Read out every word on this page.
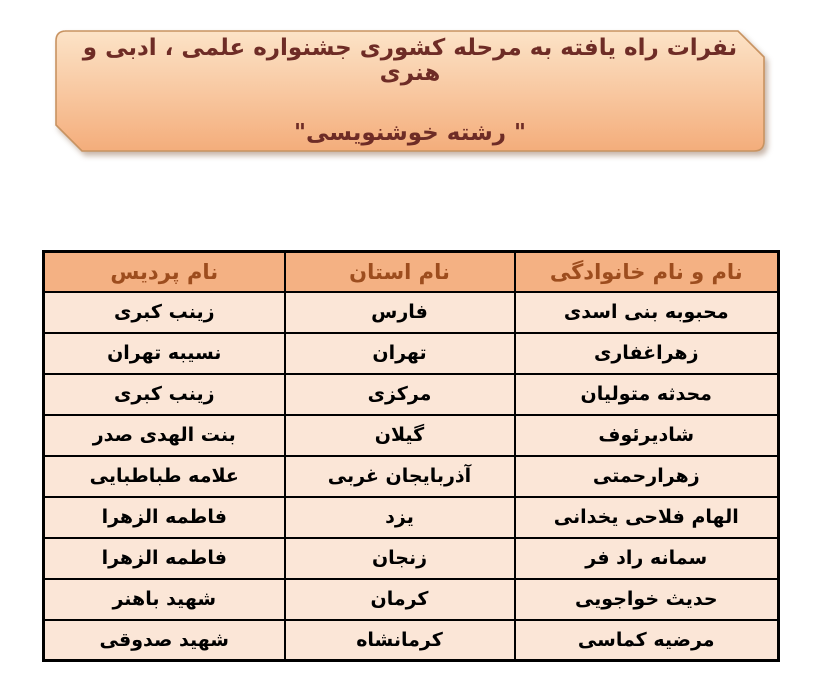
نفرات راه یافته به مرحله کشوری جشنواره علمی ، ادبی و هنری
" رشته خوشنویسی"
نام و نام خانوادگی	نام استان	نام پردیس
محبوبه بنی اسدی	فارس	زینب کبری
زهراغفاری	تهران	نسیبه تهران
محدثه متولیان	مرکزی	زینب کبری
شادیرئوف	گیلان	بنت الهدی صدر
زهرارحمتی	آذربایجان غربی	علامه طباطبایی
الهام فلاحی یخدانی	یزد	فاطمه الزهرا
سمانه راد فر	زنجان	فاطمه الزهرا
حدیث خواجویی	کرمان	شهید باهنر
مرضیه کماسی	کرمانشاه	شهید صدوقی
